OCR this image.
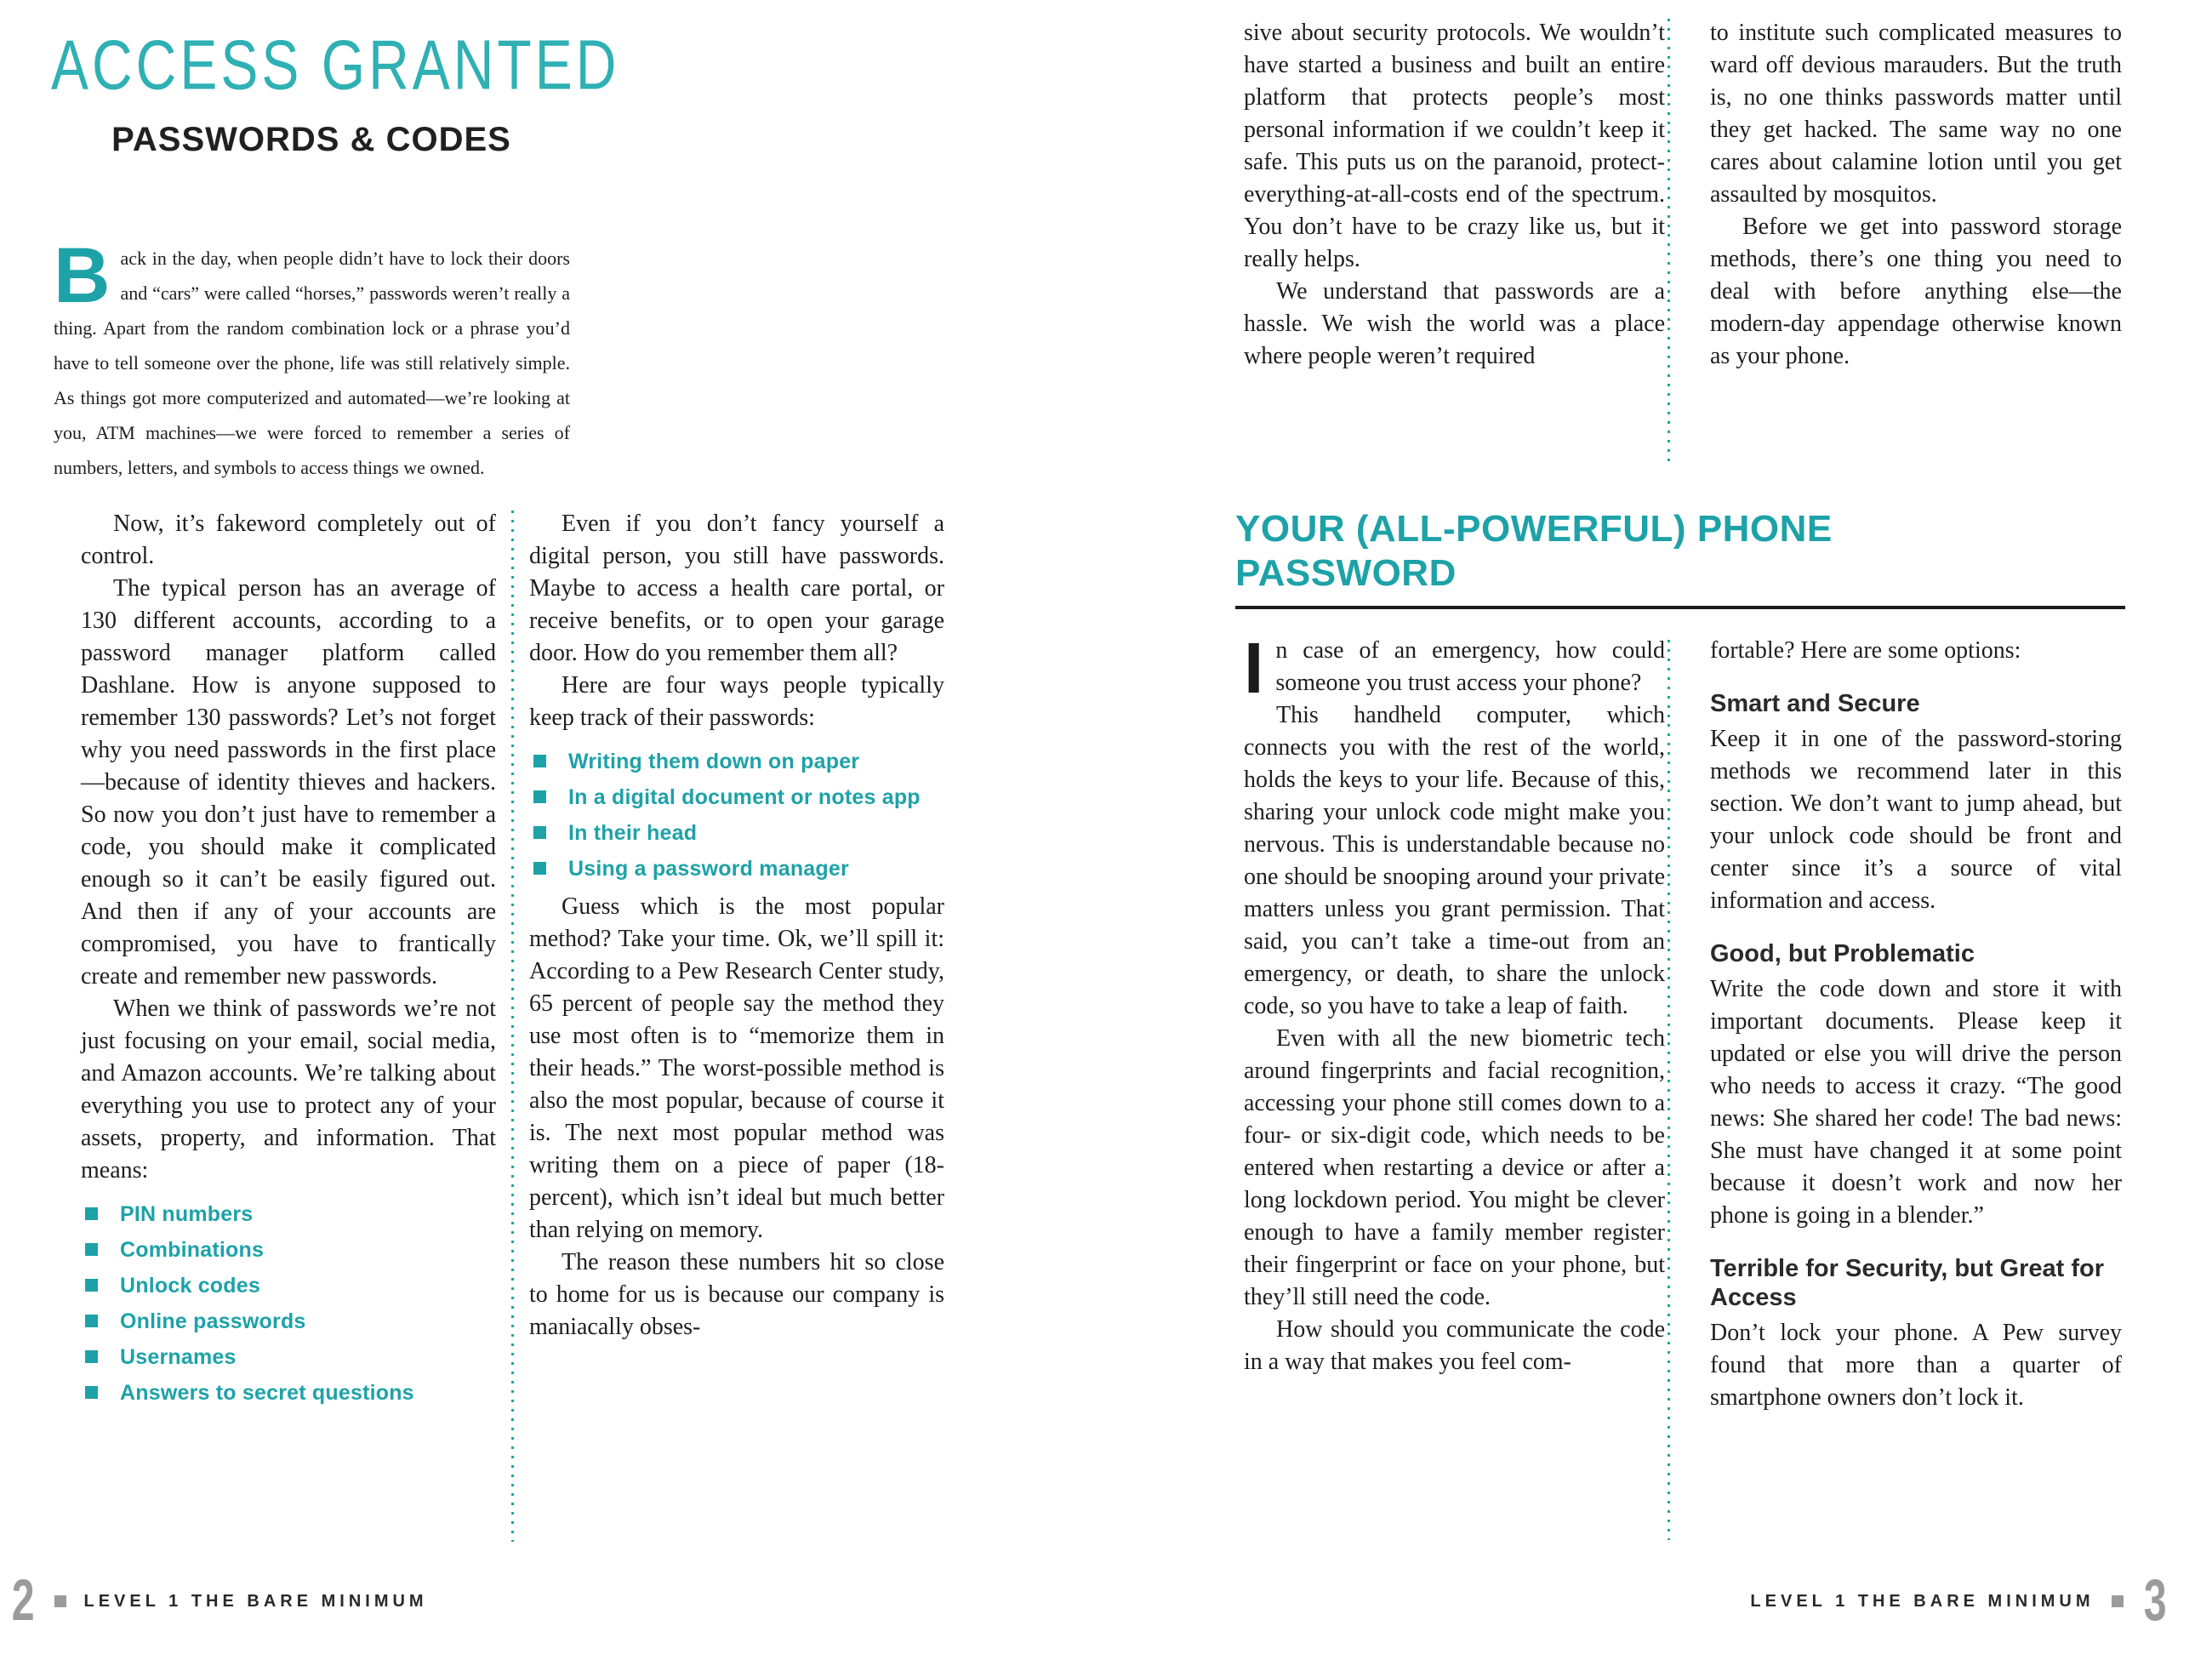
ACCESS GRANTED
PASSWORDS & CODES
Back in the day, when people didn’t have to lock their doors and “cars” were called “horses,” passwords weren’t really a thing. Apart from the random combination lock or a phrase you’d have to tell someone over the phone, life was still relatively simple. As things got more computerized and automated—we’re looking at you, ATM machines—we were forced to remember a series of numbers, letters, and symbols to access things we owned.

Now, it’s fakeword completely out of control.

The typical person has an average of 130 different accounts, according to a password manager platform called Dashlane. How is anyone supposed to remember 130 passwords? Let’s not forget why you need passwords in the first place—because of identity thieves and hackers. So now you don’t just have to remember a code, you should make it complicated enough so it can’t be easily figured out. And then if any of your accounts are compromised, you have to frantically create and remember new passwords.

When we think of passwords we’re not just focusing on your email, social media, and Amazon accounts. We’re talking about everything you use to protect any of your assets, property, and information. That means:

PIN numbers
Combinations
Unlock codes
Online passwords
Usernames
Answers to secret questions

Even if you don’t fancy yourself a digital person, you still have passwords. Maybe to access a health care portal, or receive benefits, or to open your garage door. How do you remember them all?

Here are four ways people typically keep track of their passwords:

Writing them down on paper
In a digital document or notes app
In their head
Using a password manager

Guess which is the most popular method? Take your time. Ok, we’ll spill it: According to a Pew Research Center study, 65 percent of people say the method they use most often is to “memorize them in their heads.” The worst-possible method is also the most popular, because of course it is. The next most popular method was writing them on a piece of paper (18-percent), which isn’t ideal but much better than relying on memory.

The reason these numbers hit so close to home for us is because our company is maniacally obses-

sive about security protocols. We wouldn’t have started a business and built an entire platform that protects people’s most personal information if we couldn’t keep it safe. This puts us on the paranoid, protect-everything-at-all-costs end of the spectrum. You don’t have to be crazy like us, but it really helps.

We understand that passwords are a hassle. We wish the world was a place where people weren’t required

to institute such complicated measures to ward off devious marauders. But the truth is, no one thinks passwords matter until they get hacked. The same way no one cares about calamine lotion until you get assaulted by mosquitos.

Before we get into password storage methods, there’s one thing you need to deal with before anything else—the modern-day appendage otherwise known as your phone.

YOUR (ALL-POWERFUL) PHONE PASSWORD

In case of an emergency, how could someone you trust access your phone?

This handheld computer, which connects you with the rest of the world, holds the keys to your life. Because of this, sharing your unlock code might make you nervous. This is understandable because no one should be snooping around your private matters unless you grant permission. That said, you can’t take a time-out from an emergency, or death, to share the unlock code, so you have to take a leap of faith.

Even with all the new biometric tech around fingerprints and facial recognition, accessing your phone still comes down to a four- or six-digit code, which needs to be entered when restarting a device or after a long lockdown period. You might be clever enough to have a family member register their fingerprint or face on your phone, but they’ll still need the code.

How should you communicate the code in a way that makes you feel com-

fortable? Here are some options:

Smart and Secure

Keep it in one of the password-storing methods we recommend later in this section. We don’t want to jump ahead, but your unlock code should be front and center since it’s a source of vital information and access.

Good, but Problematic

Write the code down and store it with important documents. Please keep it updated or else you will drive the person who needs to access it crazy. “The good news: She shared her code! The bad news: She must have changed it at some point because it doesn’t work and now her phone is going in a blender.”

Terrible for Security, but Great for Access

Don’t lock your phone. A Pew survey found that more than a quarter of smartphone owners don’t lock it.

2	LEVEL 1 THE BARE MINIMUM	LEVEL 1 THE BARE MINIMUM 3
